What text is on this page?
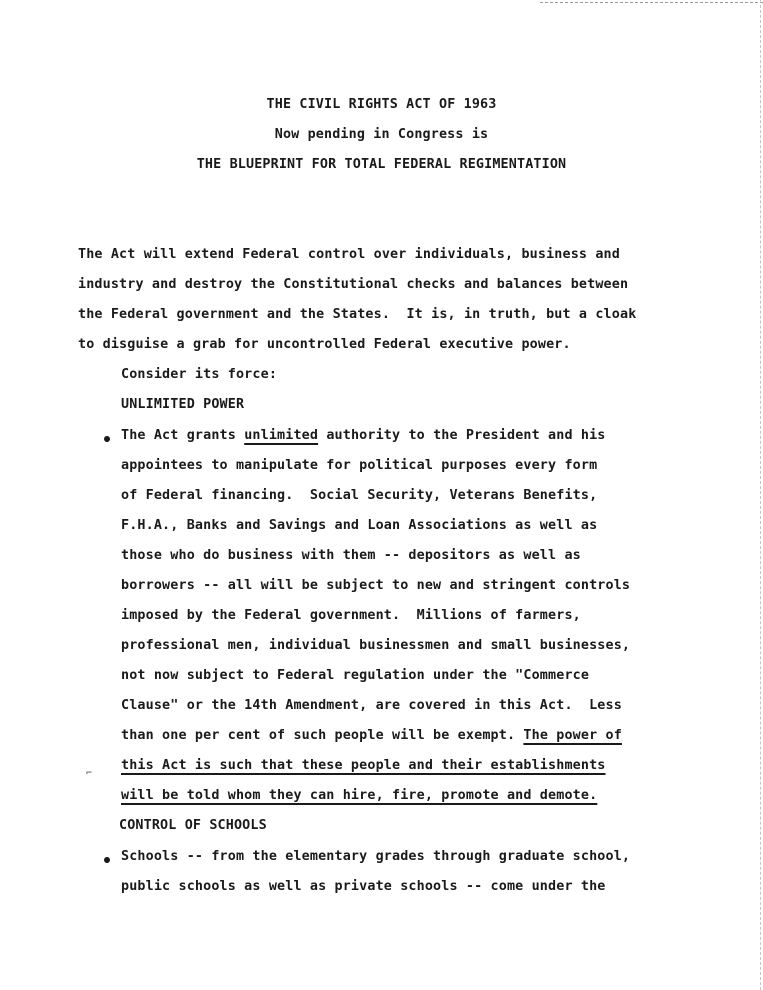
THE CIVIL RIGHTS ACT OF 1963
Now pending in Congress is
THE BLUEPRINT FOR TOTAL FEDERAL REGIMENTATION
The Act will extend Federal control over individuals, business and
industry and destroy the Constitutional checks and balances between
the Federal government and the States.  It is, in truth, but a cloak
to disguise a grab for uncontrolled Federal executive power.
Consider its force:
UNLIMITED POWER
The Act grants unlimited authority to the President and his
appointees to manipulate for political purposes every form
of Federal financing.  Social Security, Veterans Benefits,
F.H.A., Banks and Savings and Loan Associations as well as
those who do business with them -- depositors as well as
borrowers -- all will be subject to new and stringent controls
imposed by the Federal government.  Millions of farmers,
professional men, individual businessmen and small businesses,
not now subject to Federal regulation under the "Commerce
Clause" or the 14th Amendment, are covered in this Act.  Less
than one per cent of such people will be exempt. The power of
⌐
this Act is such that these people and their establishments
will be told whom they can hire, fire, promote and demote.
CONTROL OF SCHOOLS
Schools -- from the elementary grades through graduate school,
public schools as well as private schools -- come under the
